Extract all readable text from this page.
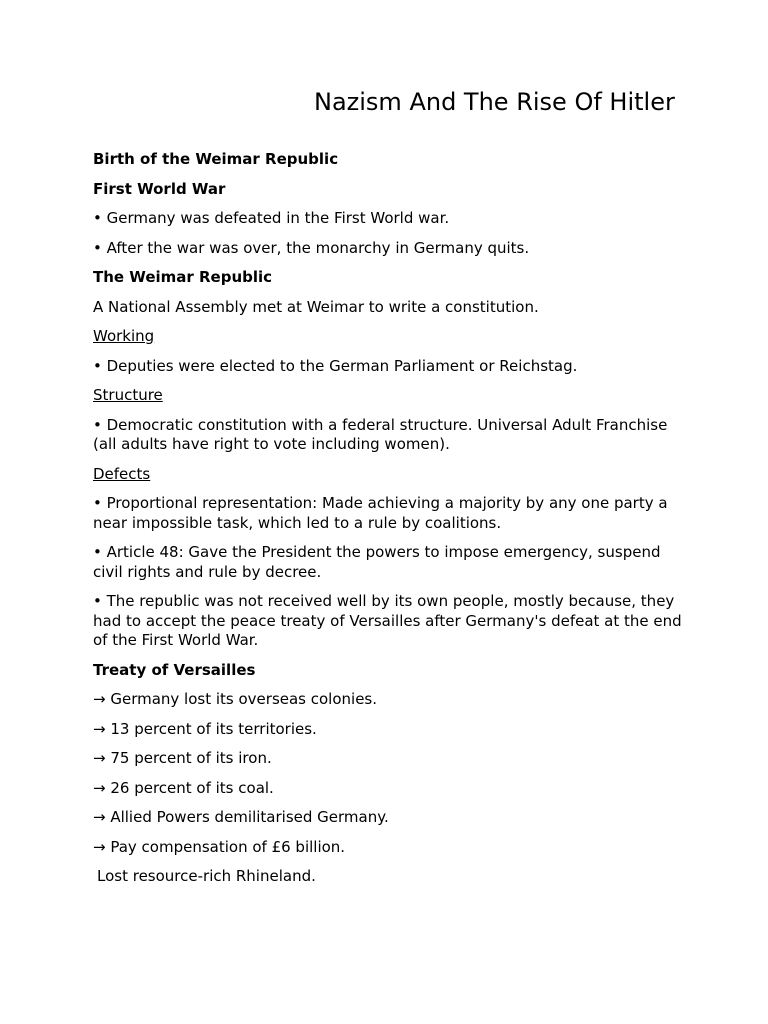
Nazism And The Rise Of Hitler

Birth of the Weimar Republic

First World War

• Germany was defeated in the First World war.

• After the war was over, the monarchy in Germany quits.

The Weimar Republic

A National Assembly met at Weimar to write a constitution.

Working

• Deputies were elected to the German Parliament or Reichstag.

Structure

• Democratic constitution with a federal structure. Universal Adult Franchise (all adults have right to vote including women).

Defects

• Proportional representation: Made achieving a majority by any one party a near impossible task, which led to a rule by coalitions.

• Article 48: Gave the President the powers to impose emergency, suspend civil rights and rule by decree.

• The republic was not received well by its own people, mostly because, they had to accept the peace treaty of Versailles after Germany's defeat at the end of the First World War.

Treaty of Versailles

→ Germany lost its overseas colonies.

→ 13 percent of its territories.

→ 75 percent of its iron.

→ 26 percent of its coal.

→ Allied Powers demilitarised Germany.

→ Pay compensation of £6 billion.

Lost resource-rich Rhineland.
